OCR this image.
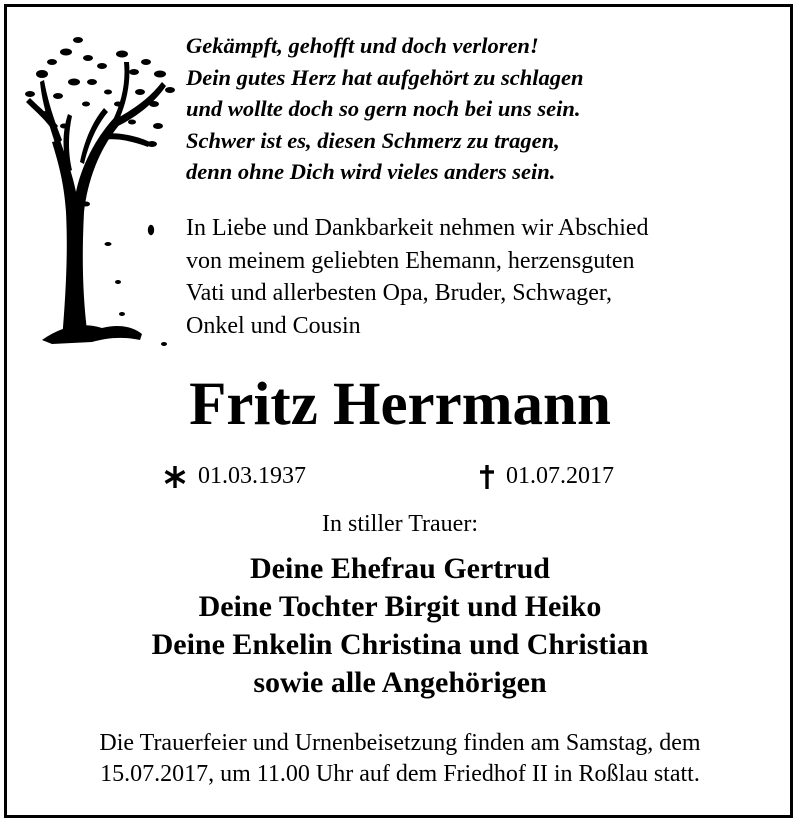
Gekämpft, gehofft und doch verloren!
Dein gutes Herz hat aufgehört zu schlagen
und wollte doch so gern noch bei uns sein.
Schwer ist es, diesen Schmerz zu tragen,
denn ohne Dich wird vieles anders sein.
In Liebe und Dankbarkeit nehmen wir Abschied
von meinem geliebten Ehemann, herzensguten
Vati und allerbesten Opa, Bruder, Schwager,
Onkel und Cousin
Fritz Herrmann
01.03.1937	01.07.2017
In stiller Trauer:
Deine Ehefrau Gertrud
Deine Tochter Birgit und Heiko
Deine Enkelin Christina und Christian
sowie alle Angehörigen
Die Trauerfeier und Urnenbeisetzung finden am Samstag, dem
15.07.2017, um 11.00 Uhr auf dem Friedhof II in Roßlau statt.
